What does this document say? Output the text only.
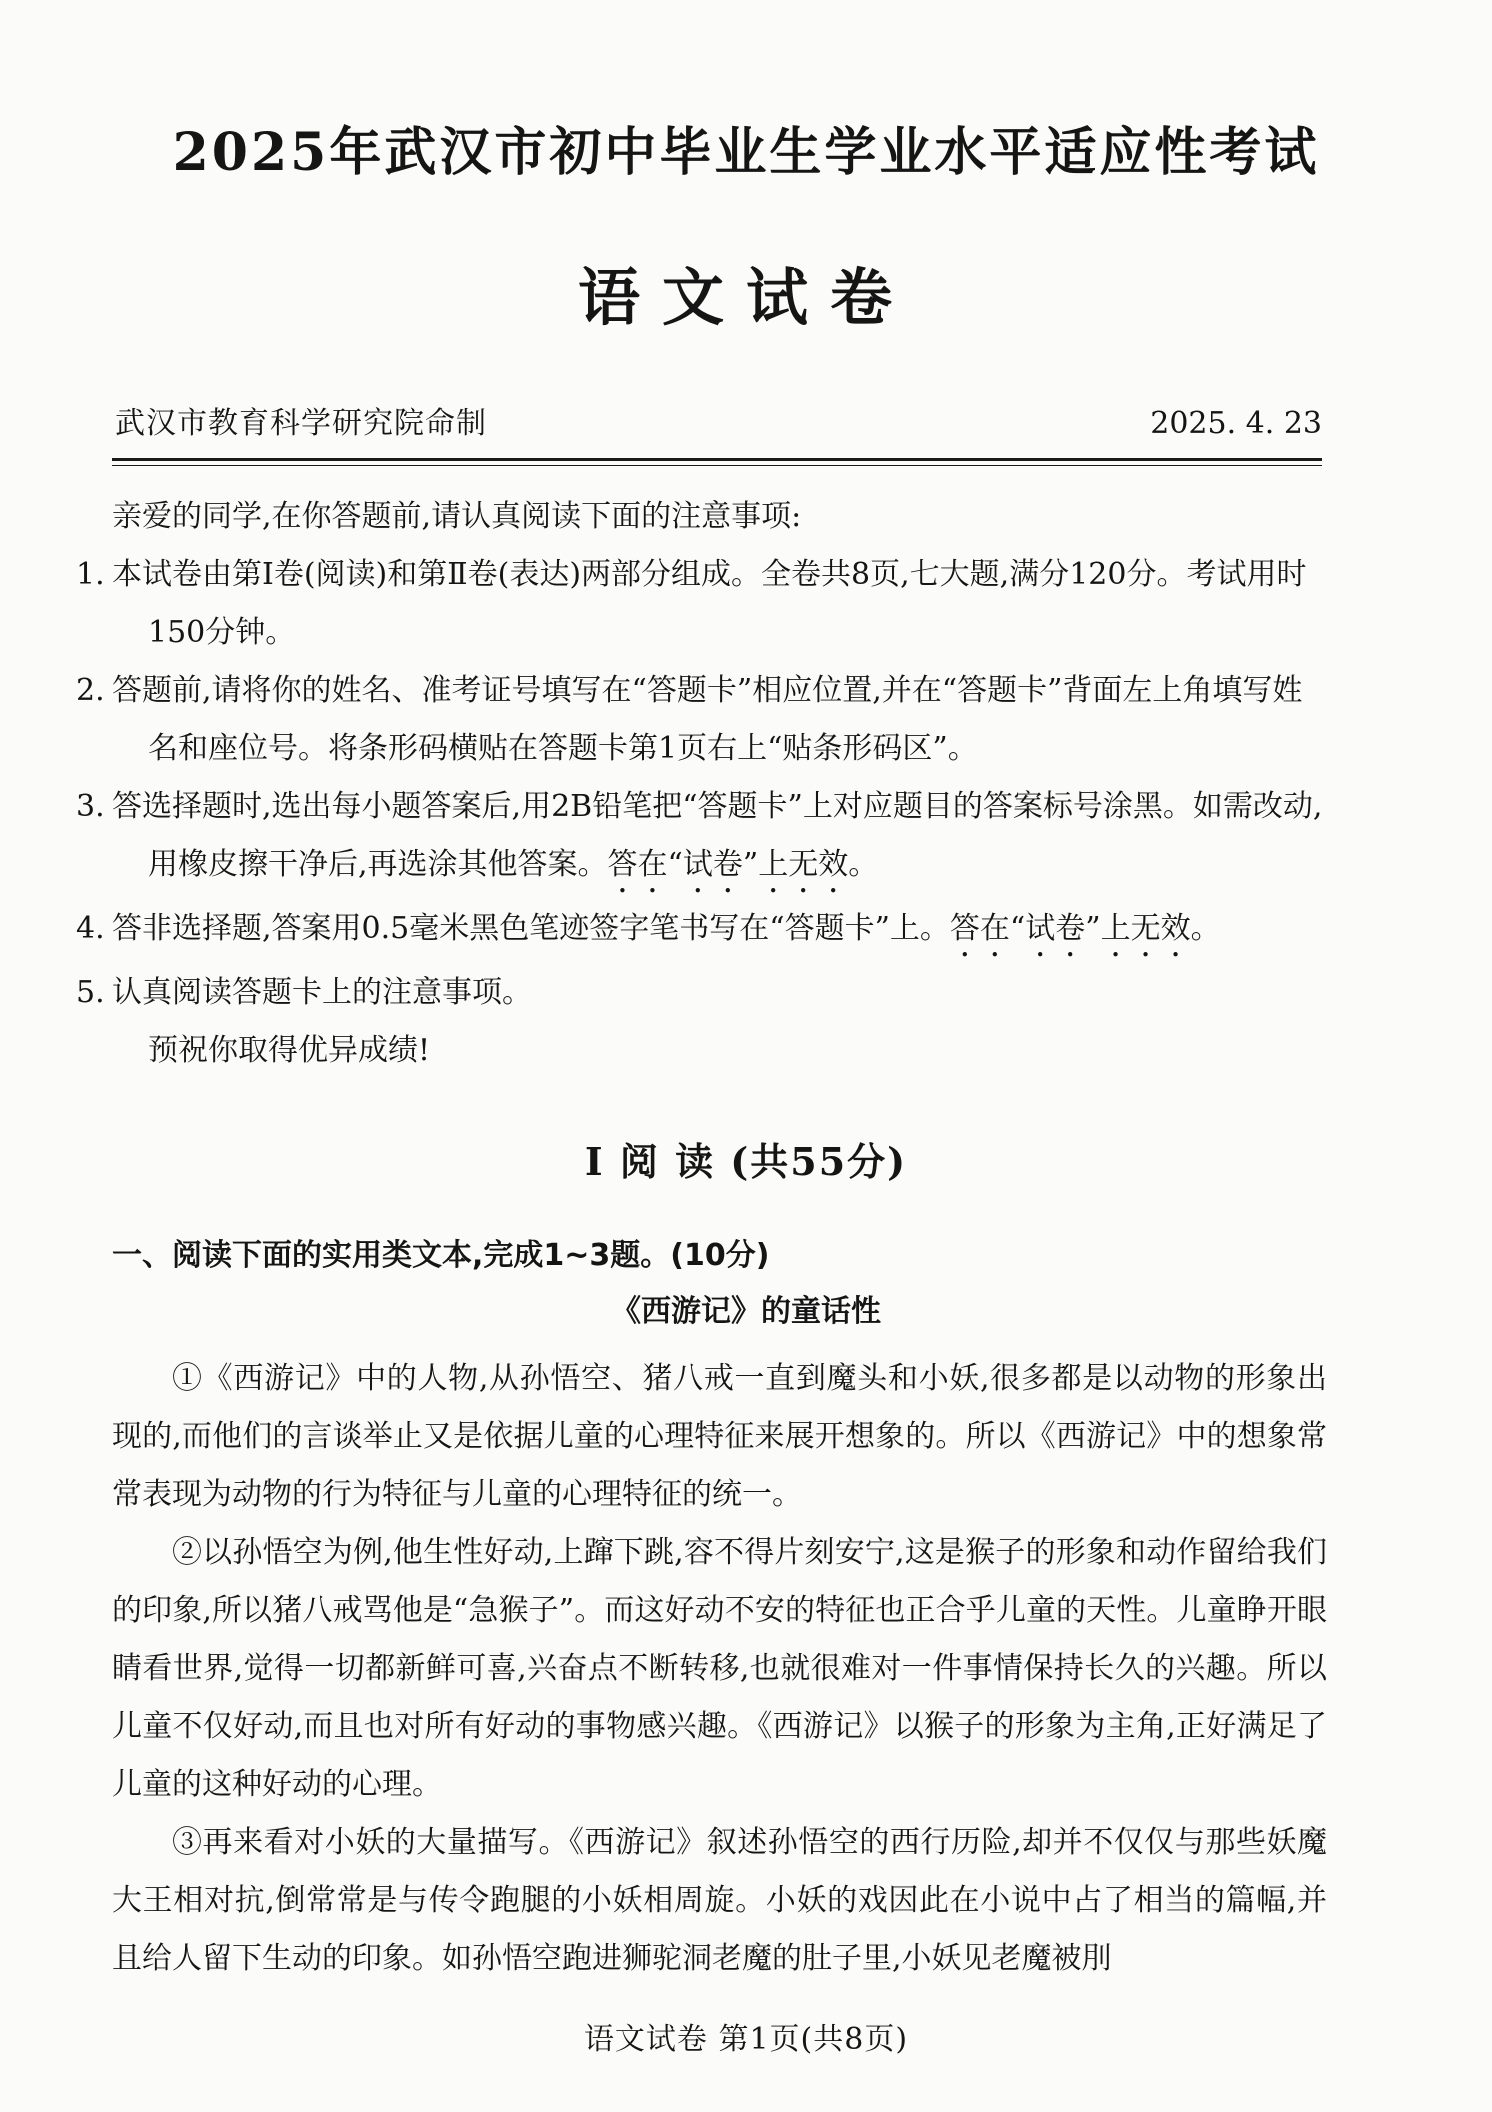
2025年武汉市初中毕业生学业水平适应性考试
语文试卷
武汉市教育科学研究院命制	2025. 4. 23

亲爱的同学,在你答题前,请认真阅读下面的注意事项:

1. 本试卷由第Ⅰ卷(阅读)和第Ⅱ卷(表达)两部分组成。全卷共8页,七大题,满分120分。考试用时150分钟。

2. 答题前,请将你的姓名、准考证号填写在“答题卡”相应位置,并在“答题卡”背面左上角填写姓名和座位号。将条形码横贴在答题卡第1页右上“贴条形码区”。

3. 答选择题时,选出每小题答案后,用2B铅笔把“答题卡”上对应题目的答案标号涂黑。如需改动,用橡皮擦干净后,再选涂其他答案。答在“试卷”上无效。

4. 答非选择题,答案用0.5毫米黑色笔迹签字笔书写在“答题卡”上。答在“试卷”上无效。

5. 认真阅读答题卡上的注意事项。

预祝你取得优异成绩!

Ⅰ 阅 读 (共55分)
一、阅读下面的实用类文本,完成1~3题。(10分)
《西游记》的童话性

①《西游记》中的人物,从孙悟空、猪八戒一直到魔头和小妖,很多都是以动物的形象出现的,而他们的言谈举止又是依据儿童的心理特征来展开想象的。所以《西游记》中的想象常常表现为动物的行为特征与儿童的心理特征的统一。

②以孙悟空为例,他生性好动,上蹿下跳,容不得片刻安宁,这是猴子的形象和动作留给我们的印象,所以猪八戒骂他是“急猴子”。而这好动不安的特征也正合乎儿童的天性。儿童睁开眼睛看世界,觉得一切都新鲜可喜,兴奋点不断转移,也就很难对一件事情保持长久的兴趣。所以儿童不仅好动,而且也对所有好动的事物感兴趣。《西游记》以猴子的形象为主角,正好满足了儿童的这种好动的心理。

③再来看对小妖的大量描写。《西游记》叙述孙悟空的西行历险,却并不仅仅与那些妖魔大王相对抗,倒常常是与传令跑腿的小妖相周旋。小妖的戏因此在小说中占了相当的篇幅,并且给人留下生动的印象。如孙悟空跑进狮驼洞老魔的肚子里,小妖见老魔被刖

语文试卷 第1页(共8页)
